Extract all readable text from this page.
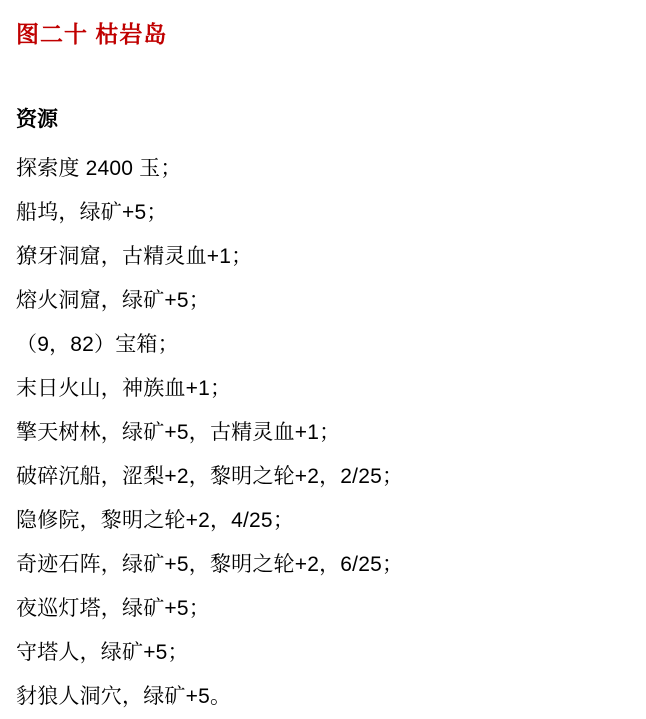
图二十 枯岩岛
资源
探索度 2400 玉；
船坞，绿矿+5；
獠牙洞窟，古精灵血+1；
熔火洞窟，绿矿+5；
（9，82）宝箱；
末日火山，神族血+1；
擎天树林，绿矿+5，古精灵血+1；
破碎沉船，涩梨+2，黎明之轮+2，2/25；
隐修院，黎明之轮+2，4/25；
奇迹石阵，绿矿+5，黎明之轮+2，6/25；
夜巡灯塔，绿矿+5；
守塔人，绿矿+5；
豺狼人洞穴，绿矿+5。
